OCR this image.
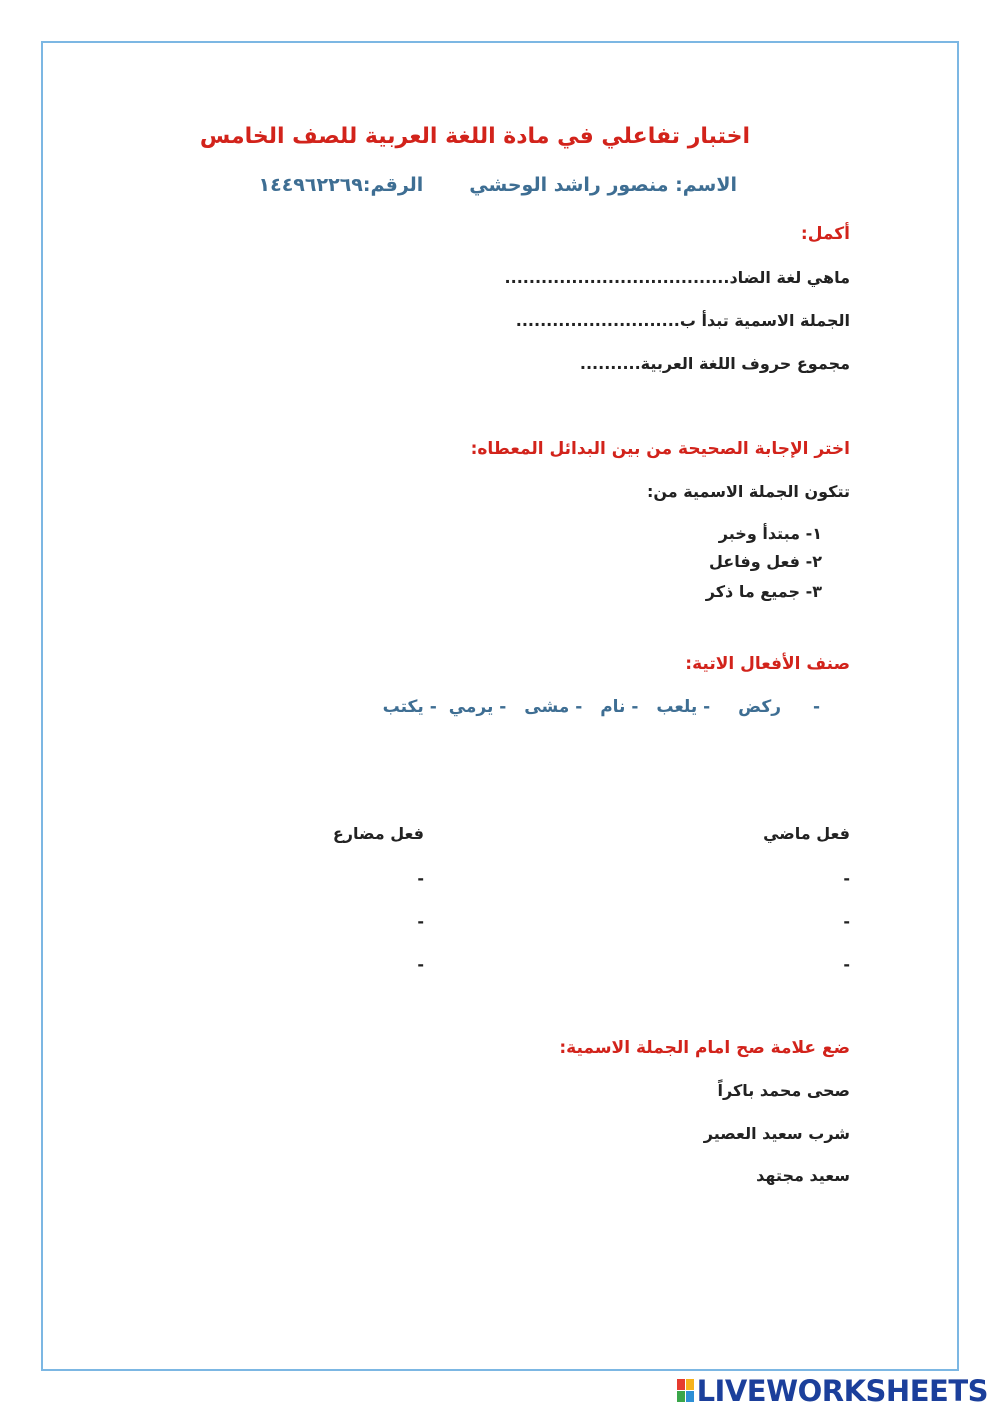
اختبار تفاعلي في مادة اللغة العربية للصف الخامس
الاسم: منصور راشد الوحشيالرقم:١٤٤٩٦٢٢٦٩
أكمل:
ماهي لغة الضاد.....................................
الجملة الاسمية تبدأ ب...........................
مجموع حروف اللغة العربية..........
اختر الإجابة الصحيحة من بين البدائل المعطاه:
تتكون الجملة الاسمية من:
١- مبتدأ وخبر
٢- فعل وفاعل
٣- جميع ما ذكر
صنف الأفعال الاتية:
- ركض - يلعب - نام - مشى - يرمي - يكتب
فعل ماضي
فعل مضارع
-
-
-
-
-
-
ضع علامة صح امام الجملة الاسمية:
صحى محمد باكراً
شرب سعيد العصير
سعيد مجتهد
LIVEWORKSHEETS
